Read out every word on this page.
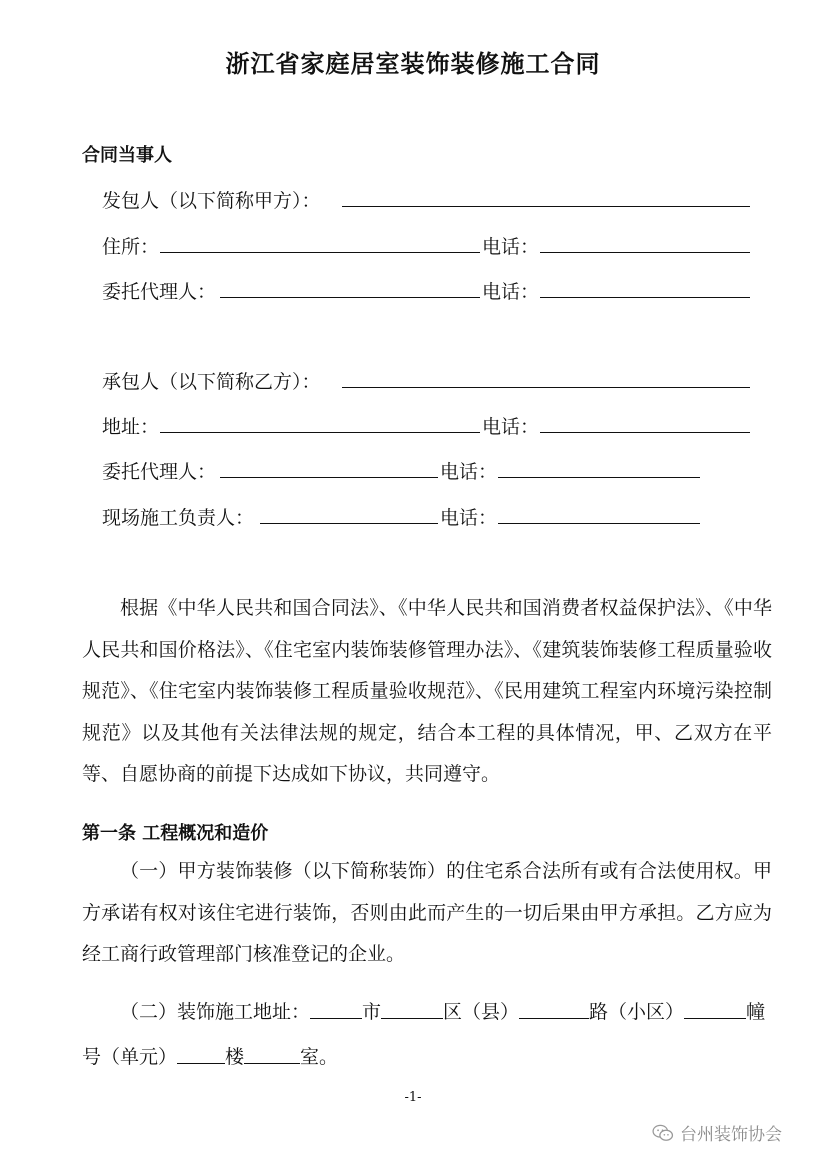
浙江省家庭居室装饰装修施工合同
合同当事人
发包人（以下简称甲方）：
住所：	电话：
委托代理人：	电话：
承包人（以下简称乙方）：
地址：	电话：
委托代理人：	电话：
现场施工负责人：	电话：
根据《中华人民共和国合同法》、《中华人民共和国消费者权益保护法》、《中华人民共和国价格法》、《住宅室内装饰装修管理办法》、《建筑装饰装修工程质量验收规范》、《住宅室内装饰装修工程质量验收规范》、《民用建筑工程室内环境污染控制规范》以及其他有关法律法规的规定，结合本工程的具体情况，甲、乙双方在平等、自愿协商的前提下达成如下协议，共同遵守。
第一条 工程概况和造价
（一）甲方装饰装修（以下简称装饰）的住宅系合法所有或有合法使用权。甲方承诺有权对该住宅进行装饰，否则由此而产生的一切后果由甲方承担。乙方应为经工商行政管理部门核准登记的企业。
（二）装饰施工地址：	市	区（县）	路（小区）	幢
号（单元）	楼	室。
-1-
台州装饰协会
